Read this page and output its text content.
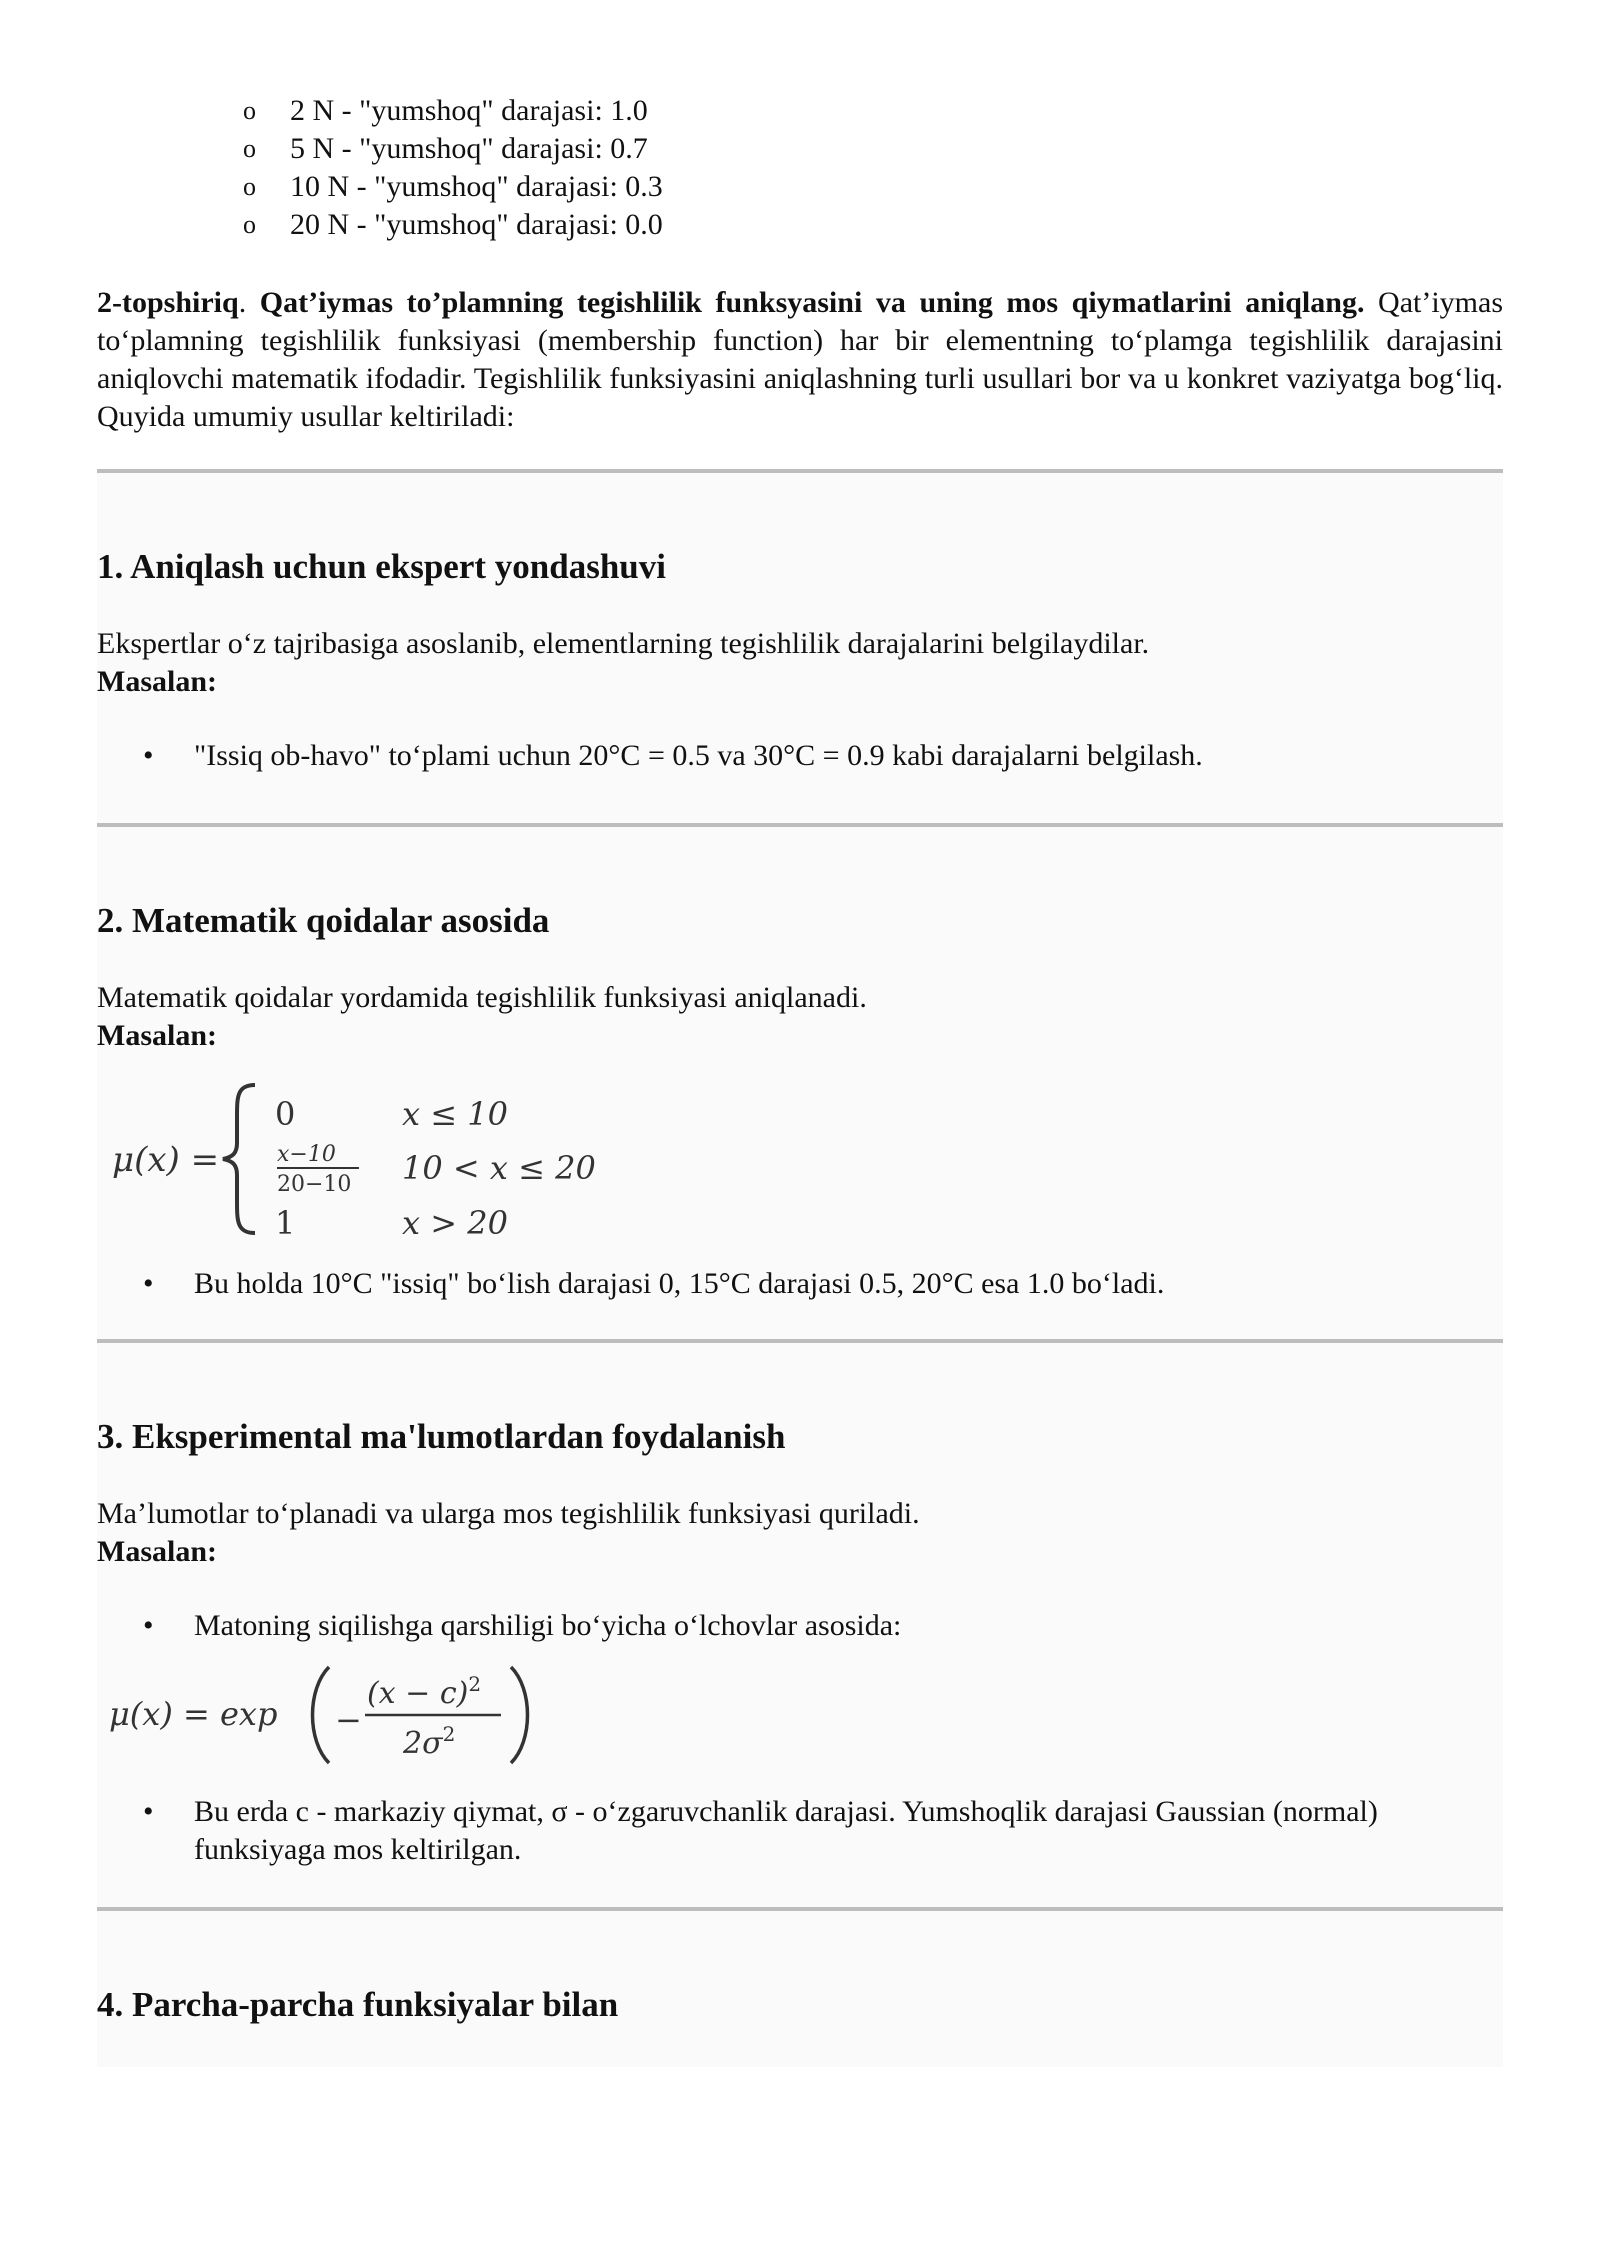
o 2 N - "yumshoq" darajasi: 1.0
o 5 N - "yumshoq" darajasi: 0.7
o 10 N - "yumshoq" darajasi: 0.3
o 20 N - "yumshoq" darajasi: 0.0
2-topshiriq. Qat’iymas to’plamning tegishlilik funksyasini va uning mos qiymatlarini aniqlang. Qat’iymas to‘plamning tegishlilik funksiyasi (membership function) har bir elementning to‘plamga tegishlilik darajasini aniqlovchi matematik ifodadir. Tegishlilik funksiyasini aniqlashning turli usullari bor va u konkret vaziyatga bog‘liq. Quyida umumiy usullar keltiriladi:
1. Aniqlash uchun ekspert yondashuvi

Ekspertlar o‘z tajribasiga asoslanib, elementlarning tegishlilik darajalarini belgilaydilar.

Masalan:
• "Issiq ob-havo" to‘plami uchun 20°C = 0.5 va 30°C = 0.9 kabi darajalarni belgilash.
2. Matematik qoidalar asosida

Matematik qoidalar yordamida tegishlilik funksiyasi aniqlanadi.

Masalan:
μ(x) =
0	x ≤ 10
x−10
20−10 10 < x ≤ 20
1	x > 20
• Bu holda 10°C "issiq" bo‘lish darajasi 0, 15°C darajasi 0.5, 20°C esa 1.0 bo‘ladi.
3. Eksperimental ma'lumotlardan foydalanish

Ma’lumotlar to‘planadi va ularga mos tegishlilik funksiyasi quriladi.

Masalan:
• Matoning siqilishga qarshiligi bo‘yicha o‘lchovlar asosida:
μ(x) = exp −
$(x - c)^2$
$2\sigma^2$
• Bu erda c - markaziy qiymat, σ - o‘zgaruvchanlik darajasi. Yumshoqlik darajasi Gaussian (normal) funksiyaga mos keltirilgan.
4. Parcha-parcha funksiyalar bilan
